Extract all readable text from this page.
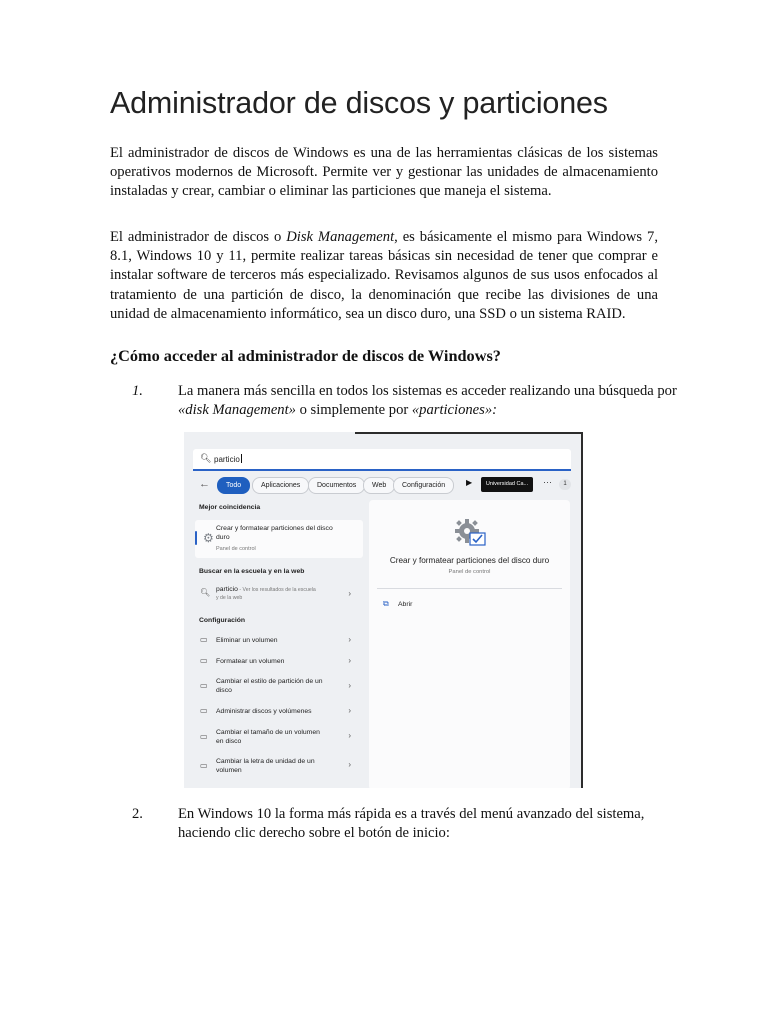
Administrador de discos y particiones

El administrador de discos de Windows es una de las herramientas clásicas de los sistemas operativos modernos de Microsoft. Permite ver y gestionar las unidades de almacenamiento instaladas y crear, cambiar o eliminar las particiones que maneja el sistema.

El administrador de discos o Disk Management, es básicamente el mismo para Windows 7, 8.1, Windows 10 y 11, permite realizar tareas básicas sin necesidad de tener que comprar e instalar software de terceros más especializado. Revisamos algunos de sus usos enfocados al tratamiento de una partición de disco, la denominación que recibe las divisiones de una unidad de almacenamiento informático, sea un disco duro, una SSD o un sistema RAID.

¿Cómo acceder al administrador de discos de Windows?
1. La manera más sencilla en todos los sistemas es acceder realizando una búsqueda por «disk Management» o simplemente por «particiones»:
🔍︎ particio
←	Todo	Aplicaciones	Documentos	Web	Configuración	▶	Universidad Ca...	···	1
Mejor coincidencia
⚙
Crear y formatear particiones del disco duro
Panel de control
Buscar en la escuela y en la web
🔍︎ particio - Ver los resultados de la escuela y de la web	›
Configuración
▭ Eliminar un volumen	›
▭ Formatear un volumen	›
▭ Cambiar el estilo de partición de un disco
›
▭ Administrar discos y volúmenes	›
▭ Cambiar el tamaño de un volumen en disco
›
▭ Cambiar la letra de unidad de un volumen
›
Crear y formatear particiones del disco duro
Panel de control
⧉ Abrir
2. En Windows 10 la forma más rápida es a través del menú avanzado del sistema, haciendo clic derecho sobre el botón de inicio:
